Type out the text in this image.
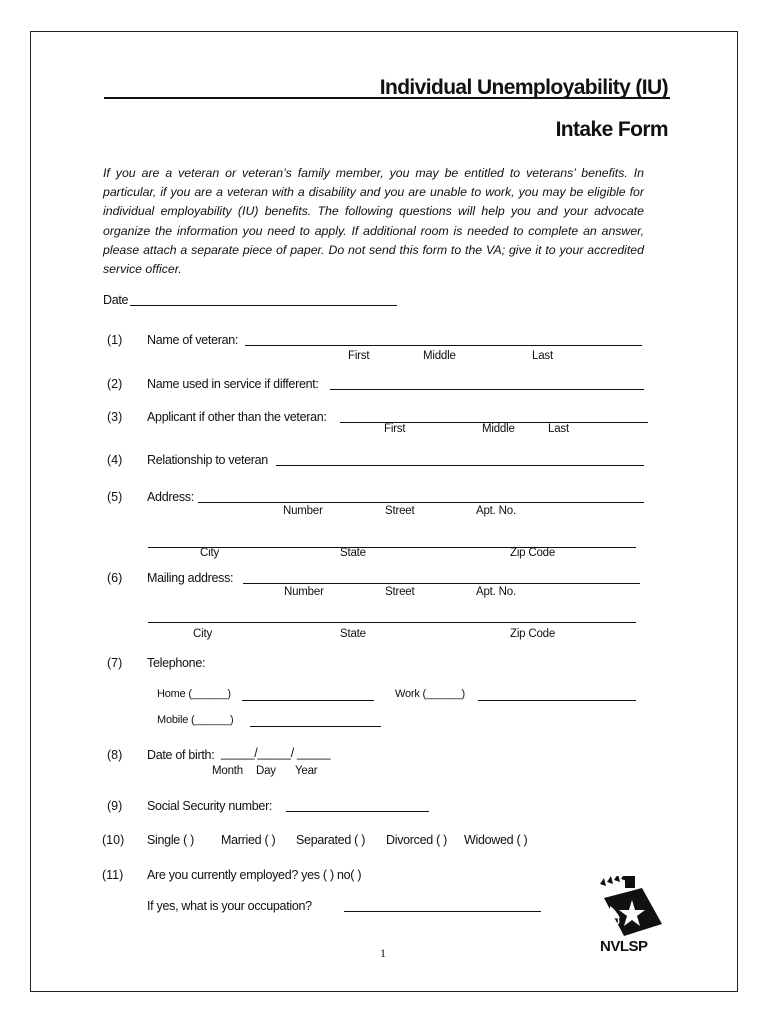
Individual Unemployability (IU)
Intake Form
If you are a veteran or veteran’s family member, you may be entitled to veterans’ benefits. In particular, if you are a veteran with a disability and you are unable to work, you may be eligible for individual employability (IU) benefits. The following questions will help you and your advocate organize the information you need to apply. If additional room is needed to complete an answer, please attach a separate piece of paper. Do not send this form to the VA; give it to your accredited service officer.
Date
(1) Name of veteran:
First	Middle	Last
(2) Name used in service if different:
(3) Applicant if other than the veteran:
First	Middle	Last
(4) Relationship to veteran
(5) Address:
Number	Street	Apt. No.
City	State	Zip Code
(6) Mailing address:
Number	Street	Apt. No.
City	State	Zip Code
(7) Telephone:
Home (______)	Work (______)
Mobile (______)
(8) Date of birth: _____/_____/ _____
Month Day Year
(9) Social Security number:
(10) Single ( ) Married ( ) Separated ( ) Divorced ( ) Widowed ( )
(11) Are you currently employed? yes ( ) no( )
If yes, what is your occupation?
1	NVLSP
